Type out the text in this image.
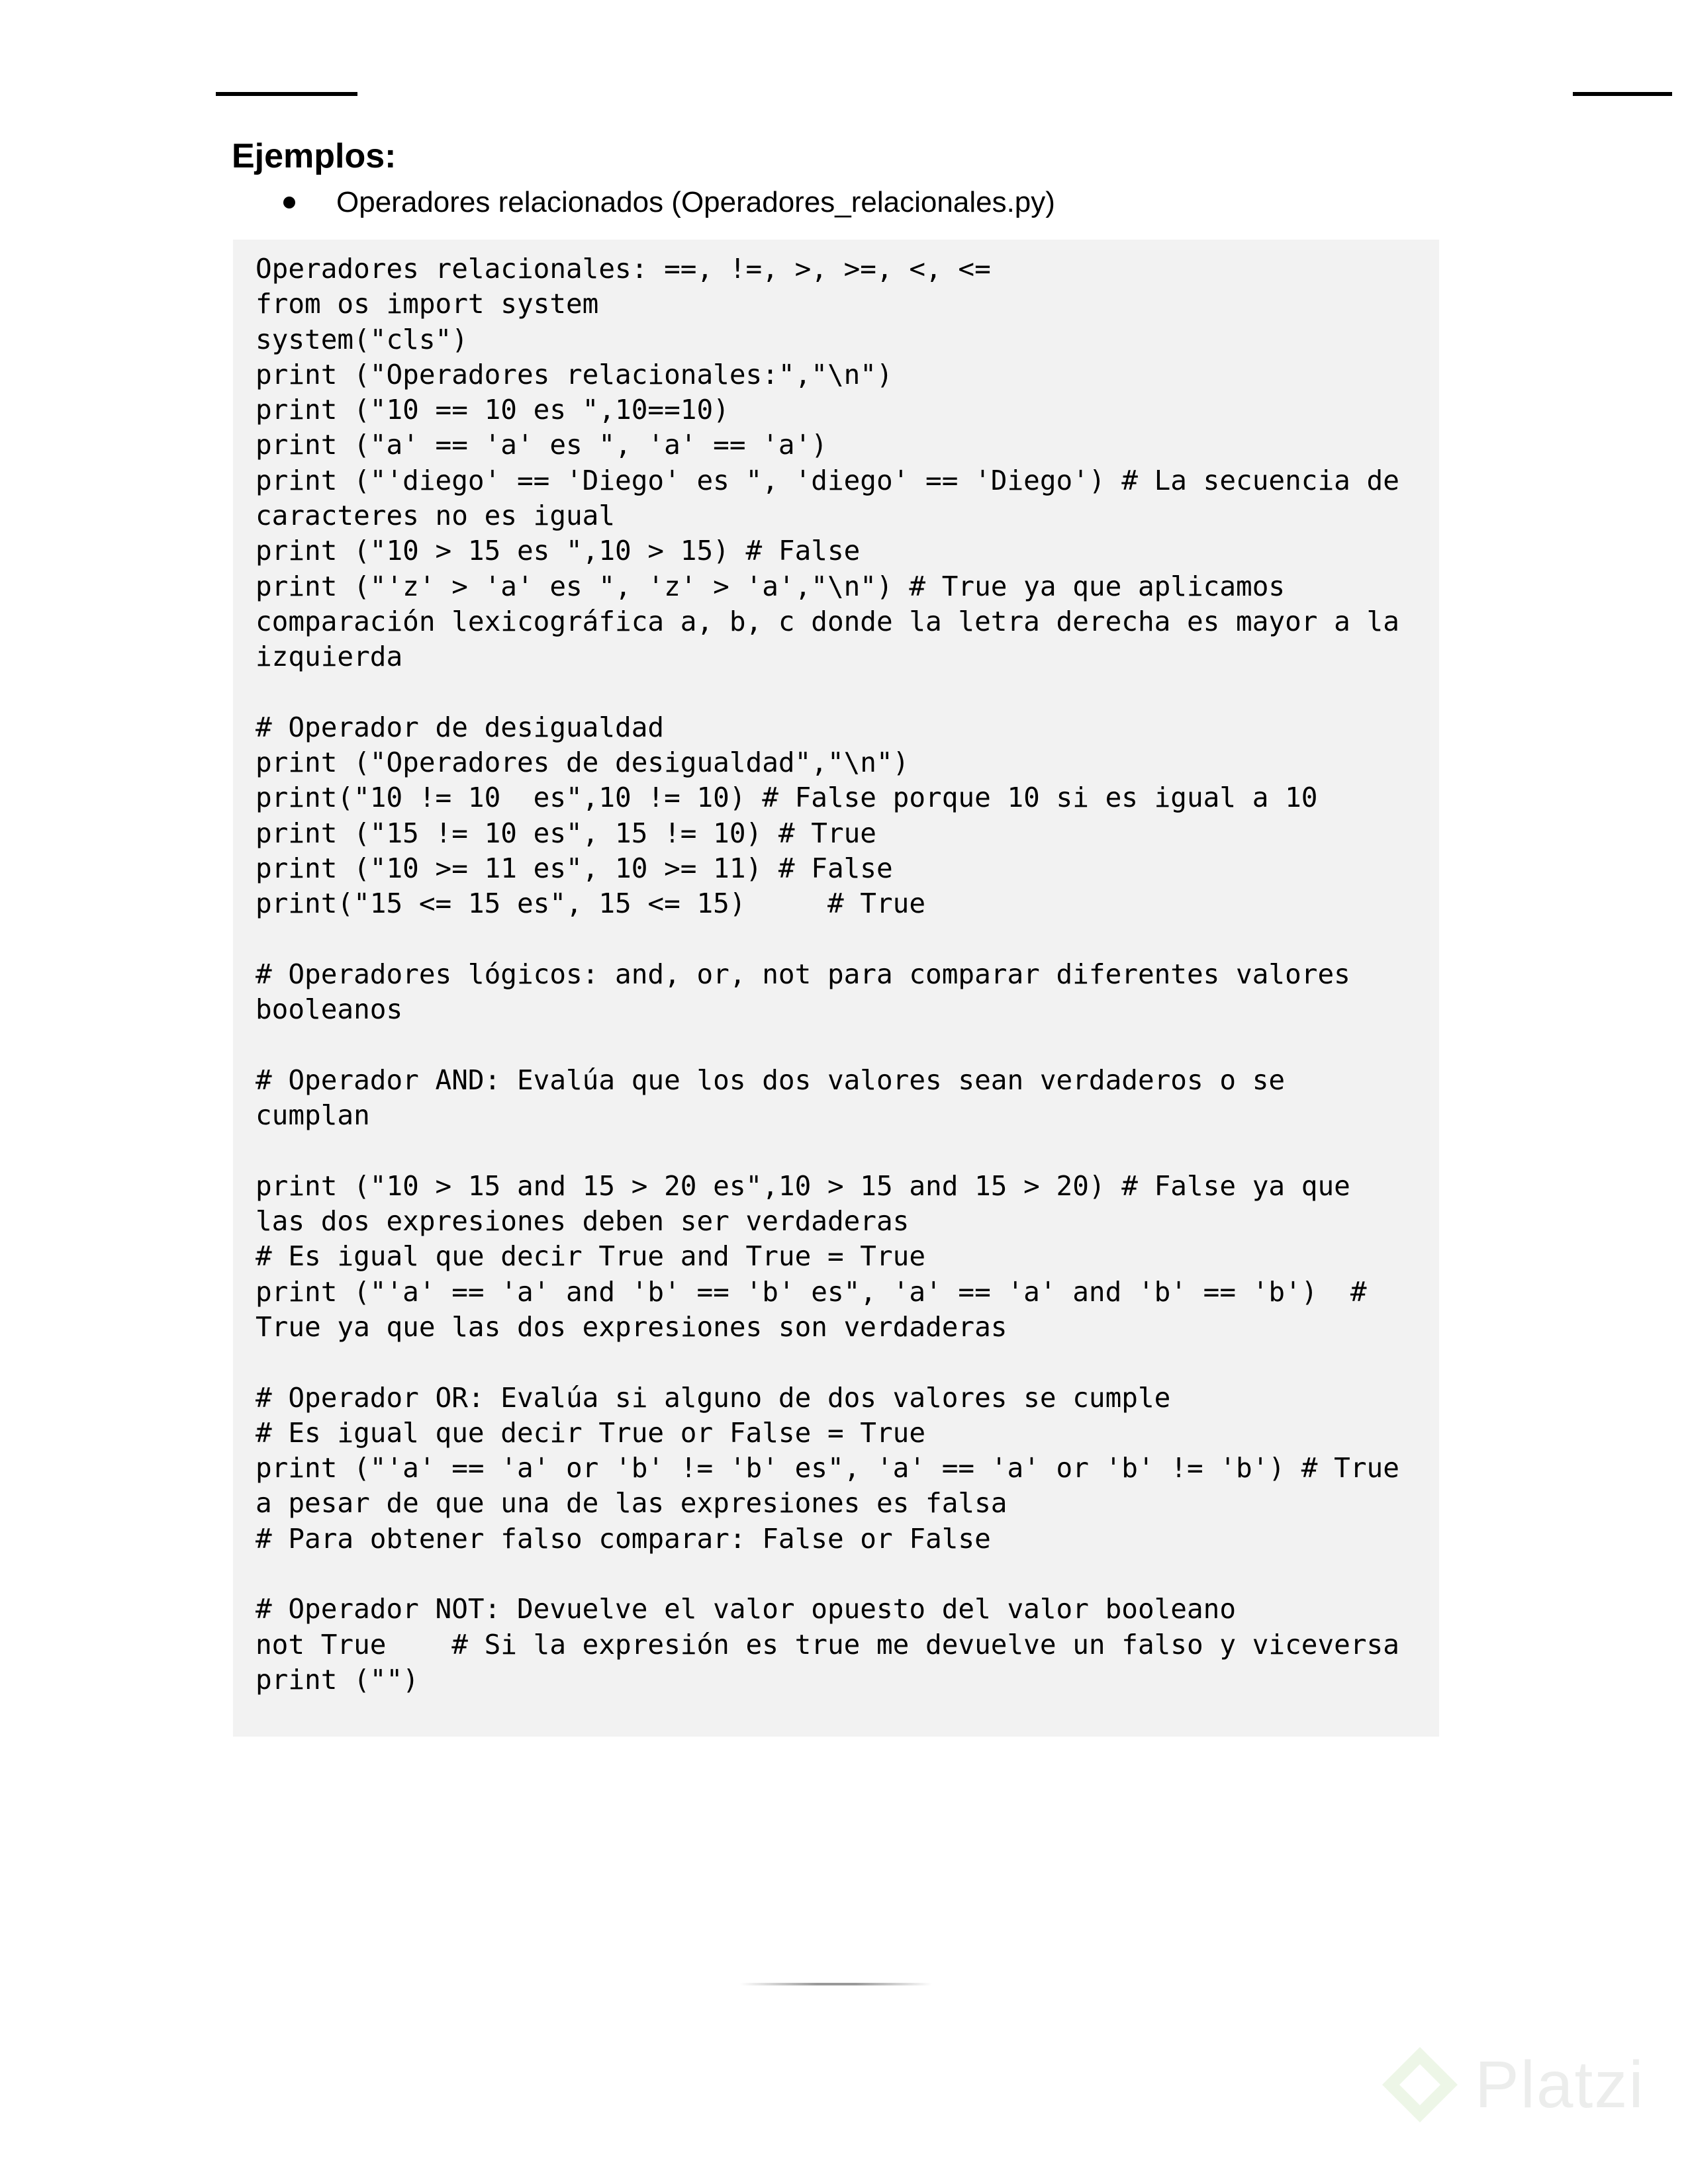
Ejemplos:
Operadores relacionados (Operadores_relacionales.py)
Operadores relacionales: ==, !=, >, >=, <, <=
from os import system
system("cls")
print ("Operadores relacionales:","\n")
print ("10 == 10 es ",10==10)
print ("a' == 'a' es ", 'a' == 'a')
print ("'diego' == 'Diego' es ", 'diego' == 'Diego') # La secuencia de
caracteres no es igual
print ("10 > 15 es ",10 > 15) # False
print ("'z' > 'a' es ", 'z' > 'a',"\n") # True ya que aplicamos
comparación lexicográfica a, b, c donde la letra derecha es mayor a la
izquierda
# Operador de desigualdad
print ("Operadores de desigualdad","\n")
print("10 != 10  es",10 != 10) # False porque 10 si es igual a 10
print ("15 != 10 es", 15 != 10) # True
print ("10 >= 11 es", 10 >= 11) # False
print("15 <= 15 es", 15 <= 15)     # True
# Operadores lógicos: and, or, not para comparar diferentes valores
booleanos
# Operador AND: Evalúa que los dos valores sean verdaderos o se
cumplan
print ("10 > 15 and 15 > 20 es",10 > 15 and 15 > 20) # False ya que
las dos expresiones deben ser verdaderas
# Es igual que decir True and True = True
print ("'a' == 'a' and 'b' == 'b' es", 'a' == 'a' and 'b' == 'b')  #
True ya que las dos expresiones son verdaderas
# Operador OR: Evalúa si alguno de dos valores se cumple
# Es igual que decir True or False = True
print ("'a' == 'a' or 'b' != 'b' es", 'a' == 'a' or 'b' != 'b') # True
a pesar de que una de las expresiones es falsa
# Para obtener falso comparar: False or False
# Operador NOT: Devuelve el valor opuesto del valor booleano
not True    # Si la expresión es true me devuelve un falso y viceversa
print ("")
Platzi
